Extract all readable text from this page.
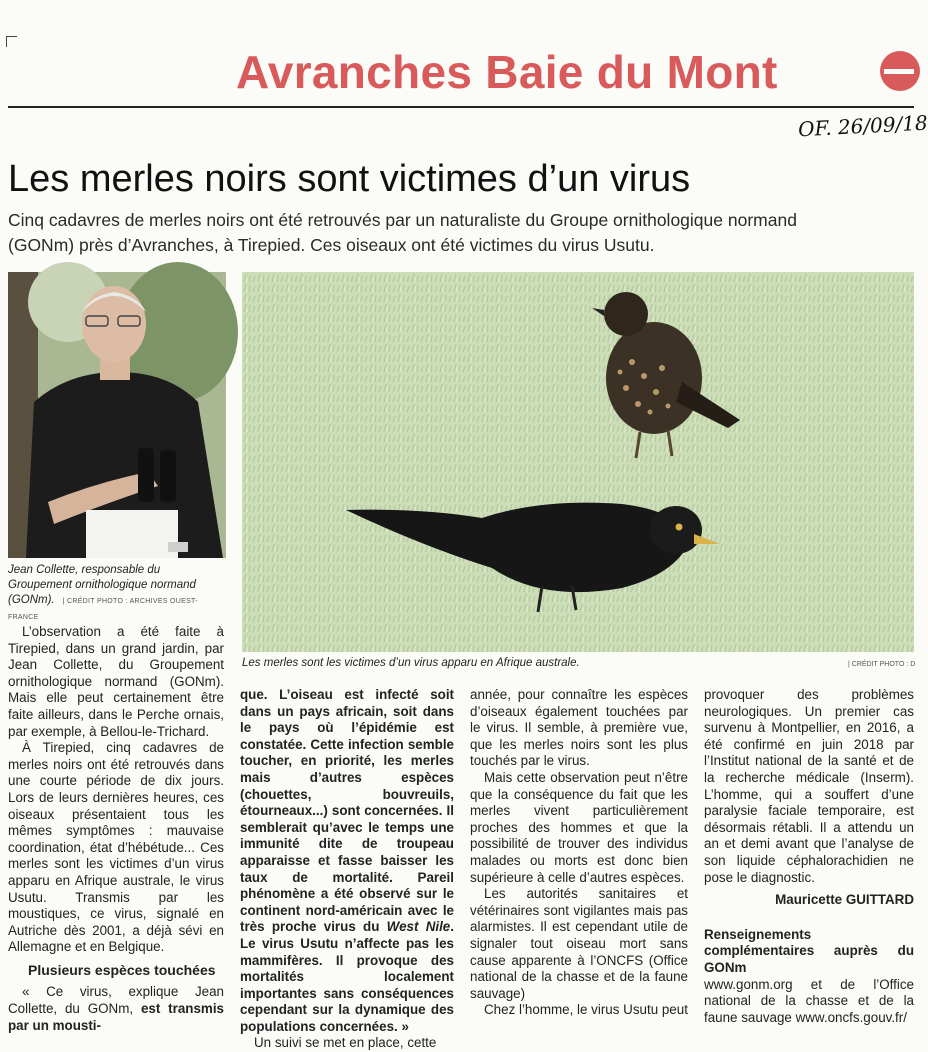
Avranches Baie du Mont
OF. 26/09/18
Les merles noirs sont victimes d’un virus
Cinq cadavres de merles noirs ont été retrouvés par un naturaliste du Groupe ornithologique normand (GONm) près d’Avranches, à Tirepied. Ces oiseaux ont été victimes du virus Usutu.
Jean Collette, responsable du Groupement ornithologique normand (GONm). | CRÉDIT PHOTO : ARCHIVES OUEST-FRANCE
Les merles sont les victimes d’un virus apparu en Afrique australe.	| CRÉDIT PHOTO : D

L’observation a été faite à Tirepied, dans un grand jardin, par Jean Collette, du Groupement ornithologique normand (GONm). Mais elle peut certainement être faite ailleurs, dans le Perche ornais, par exemple, à Bellou-le-Trichard.

À Tirepied, cinq cadavres de merles noirs ont été retrouvés dans une courte période de dix jours. Lors de leurs dernières heures, ces oiseaux présentaient tous les mêmes symptômes : mauvaise coordination, état d’hébétude... Ces merles sont les victimes d’un virus apparu en Afrique australe, le virus Usutu. Transmis par les moustiques, ce virus, signalé en Autriche dès 2001, a déjà sévi en Allemagne et en Belgique.

Plusieurs espèces touchées

« Ce virus, explique Jean Collette, du GONm, est transmis par un mousti-

que. L’oiseau est infecté soit dans un pays africain, soit dans le pays où l’épidémie est constatée. Cette infection semble toucher, en priorité, les merles mais d’autres espèces (chouettes, bouvreuils, étourneaux...) sont concernées. Il semblerait qu’avec le temps une immunité dite de troupeau apparaisse et fasse baisser les taux de mortalité. Pareil phénomène a été observé sur le continent nord-américain avec le très proche virus du West Nile. Le virus Usutu n’affecte pas les mammifères. Il provoque des mortalités localement importantes sans conséquences cependant sur la dynamique des populations concernées. »

Un suivi se met en place, cette

année, pour connaître les espèces d’oiseaux également touchées par le virus. Il semble, à première vue, que les merles noirs sont les plus touchés par le virus.

Mais cette observation peut n’être que la conséquence du fait que les merles vivent particulièrement proches des hommes et que la possibilité de trouver des individus malades ou morts est donc bien supérieure à celle d’autres espèces.

Les autorités sanitaires et vétérinaires sont vigilantes mais pas alarmistes. Il est cependant utile de signaler tout oiseau mort sans cause apparente à l’ONCFS (Office national de la chasse et de la faune sauvage)

Chez l’homme, le virus Usutu peut

provoquer des problèmes neurologiques. Un premier cas survenu à Montpellier, en 2016, a été confirmé en juin 2018 par l’Institut national de la santé et de la recherche médicale (Inserm). L’homme, qui a souffert d’une paralysie faciale temporaire, est désormais rétabli. Il a attendu un an et demi avant que l’analyse de son liquide céphalorachidien ne pose le diagnostic.

Mauricette GUITTARD
Renseignements complémentaires auprès du GONm
www.gonm.org et de l’Office national de la chasse et de la faune sauvage www.oncfs.gouv.fr/
